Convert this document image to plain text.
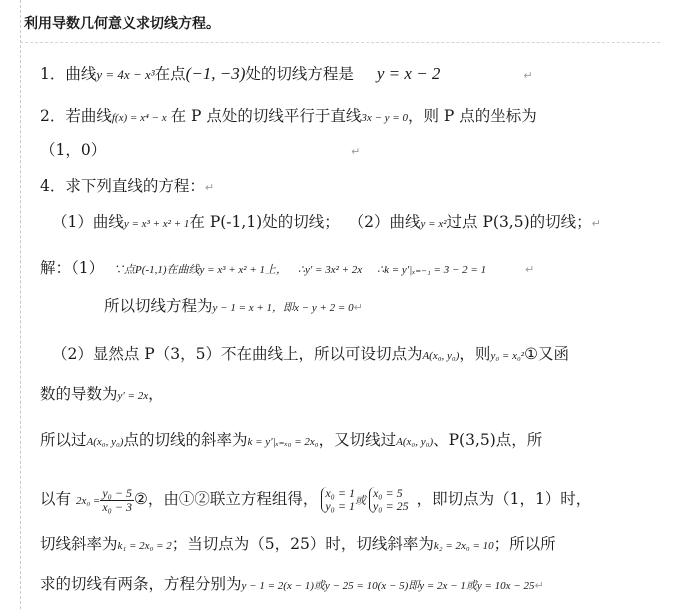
利用导数几何意义求切线方程。
1．曲线y = 4x − x³在点(−1, −3)处的切线方程是 y = x − 2	↵
2．若曲线f(x) = x⁴ − x 在 P 点处的切线平行于直线3x − y = 0，则 P 点的坐标为
（1，0）	↵
4．求下列直线的方程：↵
（1）曲线y = x³ + x² + 1在 P(-1,1)处的切线； （2）曲线y = x²过点 P(3,5)的切线；↵
解：（1） ∵点P(-1,1)在曲线y = x³ + x² + 1上， ∴y′ = 3x² + 2x ∴k = y′|ₓ₌₋₁ = 3 − 2 = 1	↵
所以切线方程为y − 1 = x + 1，即x − y + 2 = 0↵
（2）显然点 P（3，5）不在曲线上，所以可设切点为A(x₀, y₀)，则y₀ = x₀²①又函
数的导数为y′ = 2x，
所以过A(x₀, y₀)点的切线的斜率为k = y′|ₓ₌ₓ₀ = 2x₀，又切线过A(x₀, y₀)、P(3,5)点，所
以有 $2x_0 = \frac{\text{y₀ − 5}}{\text{x₀ − 3}}$ ②，由①②联立方程组得， x₀ = 1
y₀ = 1 或
x₀ = 5
y₀ = 25 ，即切点为（1，1）时，
切线斜率为k₁ = 2x₀ = 2；当切点为（5，25）时，切线斜率为k₂ = 2x₀ = 10；所以所
求的切线有两条，方程分别为y − 1 = 2(x − 1)或y − 25 = 10(x − 5)即y = 2x − 1或y = 10x − 25↵
